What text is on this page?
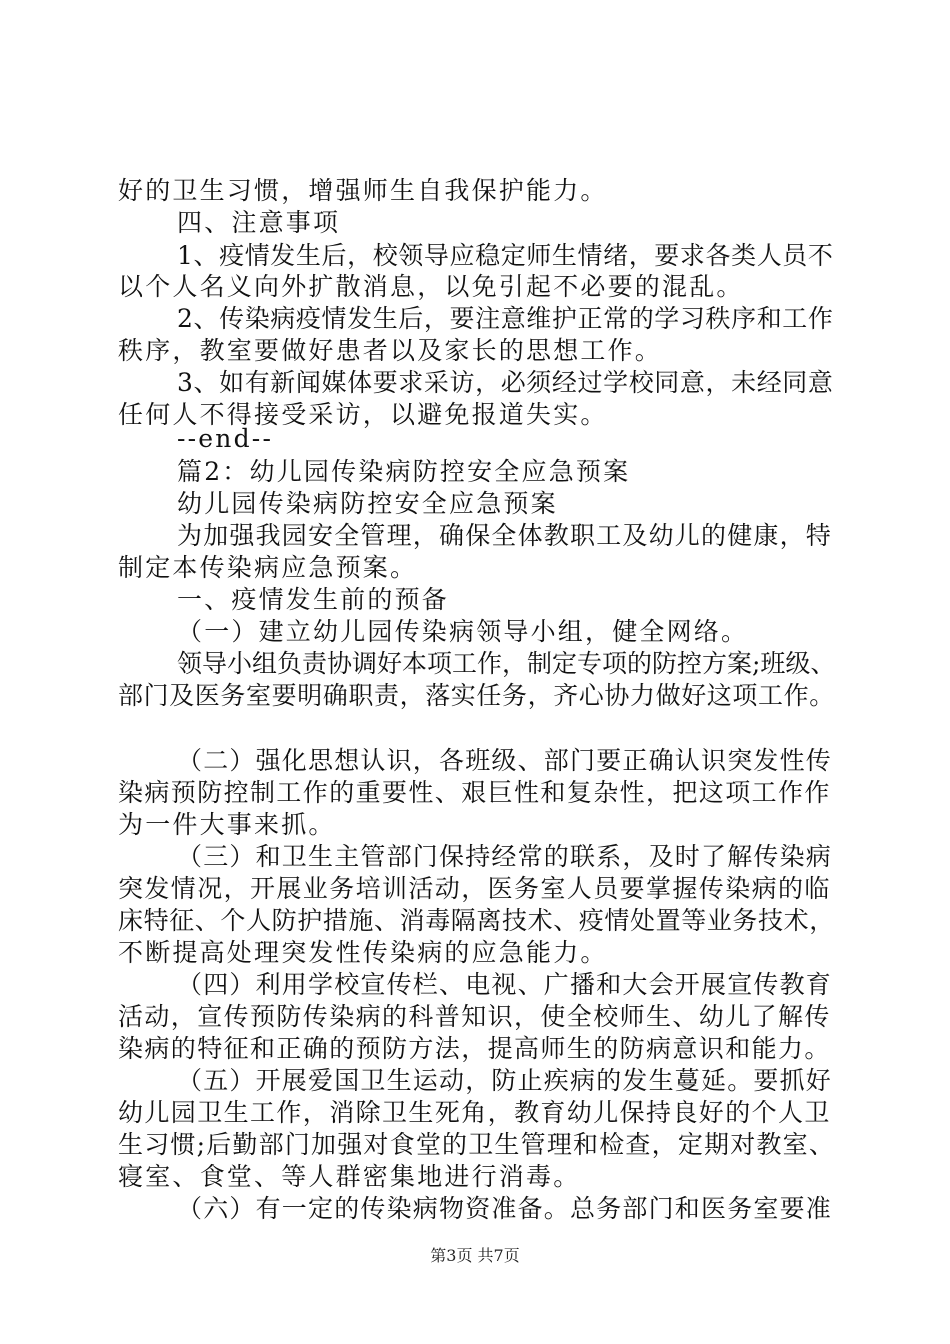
好的卫生习惯，增强师生自我保护能力。
四、注意事项
1、疫情发生后，校领导应稳定师生情绪，要求各类人员不
以个人名义向外扩散消息，以免引起不必要的混乱。
2、传染病疫情发生后，要注意维护正常的学习秩序和工作
秩序，教室要做好患者以及家长的思想工作。
3、如有新闻媒体要求采访，必须经过学校同意，未经同意
任何人不得接受采访，以避免报道失实。
--end--
篇2：幼儿园传染病防控安全应急预案
幼儿园传染病防控安全应急预案
为加强我园安全管理，确保全体教职工及幼儿的健康，特
制定本传染病应急预案。
一、疫情发生前的预备
（一）建立幼儿园传染病领导小组，健全网络。
领导小组负责协调好本项工作，制定专项的防控方案;班级、
部门及医务室要明确职责，落实任务，齐心协力做好这项工作。
（二）强化思想认识，各班级、部门要正确认识突发性传
染病预防控制工作的重要性、艰巨性和复杂性，把这项工作作
为一件大事来抓。
（三）和卫生主管部门保持经常的联系，及时了解传染病
突发情况，开展业务培训活动，医务室人员要掌握传染病的临
床特征、个人防护措施、消毒隔离技术、疫情处置等业务技术，
不断提高处理突发性传染病的应急能力。
（四）利用学校宣传栏、电视、广播和大会开展宣传教育
活动，宣传预防传染病的科普知识，使全校师生、幼儿了解传
染病的特征和正确的预防方法，提高师生的防病意识和能力。
（五）开展爱国卫生运动，防止疾病的发生蔓延。要抓好
幼儿园卫生工作，消除卫生死角，教育幼儿保持良好的个人卫
生习惯;后勤部门加强对食堂的卫生管理和检查，定期对教室、
寝室、食堂、等人群密集地进行消毒。
（六）有一定的传染病物资准备。总务部门和医务室要准
第3页 共7页
